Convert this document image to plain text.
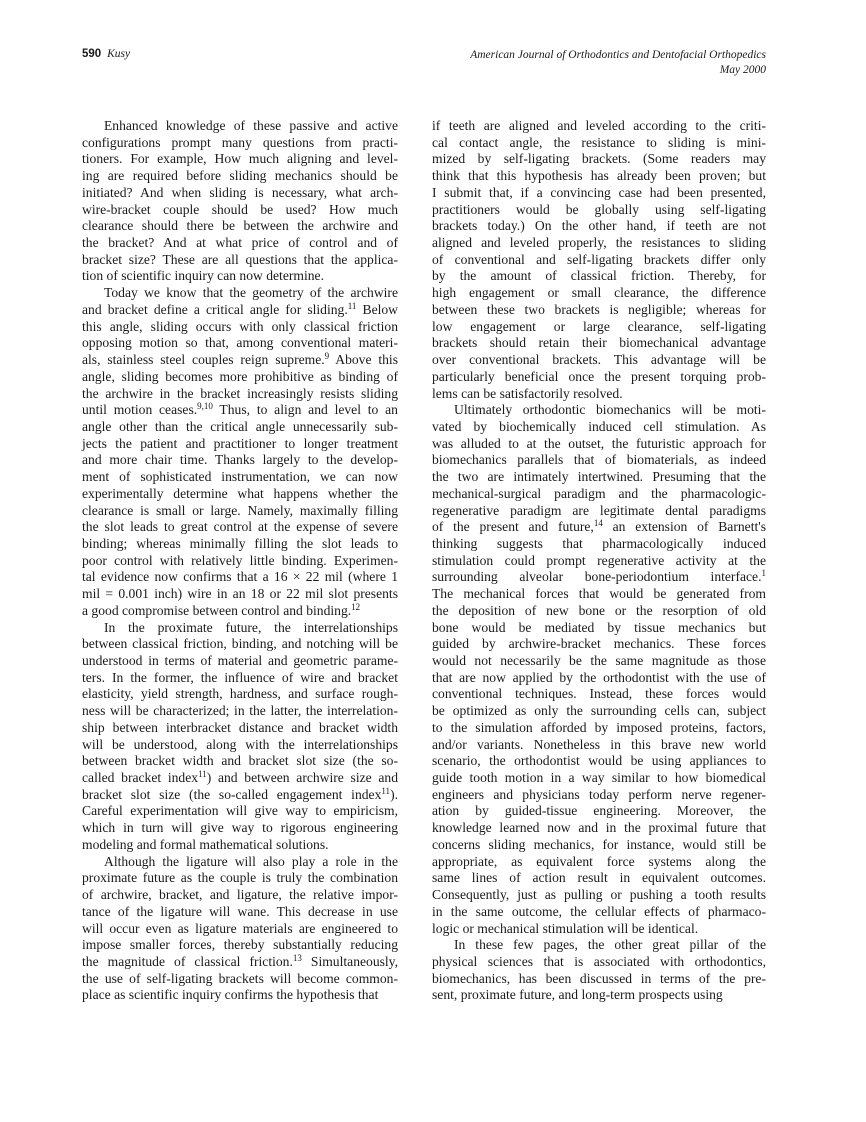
590 Kusy	American Journal of Orthodontics and Dentofacial Orthopedics
May 2000
Enhanced knowledge of these passive and active
configurations prompt many questions from practi-
tioners. For example, How much aligning and level-
ing are required before sliding mechanics should be
initiated? And when sliding is necessary, what arch-
wire-bracket couple should be used? How much
clearance should there be between the archwire and
the bracket? And at what price of control and of
bracket size? These are all questions that the applica-
tion of scientific inquiry can now determine.
Today we know that the geometry of the archwire
and bracket define a critical angle for sliding.$^{11}$ Below
this angle, sliding occurs with only classical friction
opposing motion so that, among conventional materi-
als, stainless steel couples reign supreme.$^9$ Above this
angle, sliding becomes more prohibitive as binding of
the archwire in the bracket increasingly resists sliding
until motion ceases.$^{9,10}$ Thus, to align and level to an
angle other than the critical angle unnecessarily sub-
jects the patient and practitioner to longer treatment
and more chair time. Thanks largely to the develop-
ment of sophisticated instrumentation, we can now
experimentally determine what happens whether the
clearance is small or large. Namely, maximally filling
the slot leads to great control at the expense of severe
binding; whereas minimally filling the slot leads to
poor control with relatively little binding. Experimen-
tal evidence now confirms that a 16 × 22 mil (where 1
mil = 0.001 inch) wire in an 18 or 22 mil slot presents
a good compromise between control and binding.$^{12}$
In the proximate future, the interrelationships
between classical friction, binding, and notching will be
understood in terms of material and geometric parame-
ters. In the former, the influence of wire and bracket
elasticity, yield strength, hardness, and surface rough-
ness will be characterized; in the latter, the interrelation-
ship between interbracket distance and bracket width
will be understood, along with the interrelationships
between bracket width and bracket slot size (the so-
called bracket index$^{11}$) and between archwire size and
bracket slot size (the so-called engagement index$^{11}$).
Careful experimentation will give way to empiricism,
which in turn will give way to rigorous engineering
modeling and formal mathematical solutions.
Although the ligature will also play a role in the
proximate future as the couple is truly the combination
of archwire, bracket, and ligature, the relative impor-
tance of the ligature will wane. This decrease in use
will occur even as ligature materials are engineered to
impose smaller forces, thereby substantially reducing
the magnitude of classical friction.$^{13}$ Simultaneously,
the use of self-ligating brackets will become common-
place as scientific inquiry confirms the hypothesis that
if teeth are aligned and leveled according to the criti-
cal contact angle, the resistance to sliding is mini-
mized by self-ligating brackets. (Some readers may
think that this hypothesis has already been proven; but
I submit that, if a convincing case had been presented,
practitioners would be globally using self-ligating
brackets today.) On the other hand, if teeth are not
aligned and leveled properly, the resistances to sliding
of conventional and self-ligating brackets differ only
by the amount of classical friction. Thereby, for
high engagement or small clearance, the difference
between these two brackets is negligible; whereas for
low engagement or large clearance, self-ligating
brackets should retain their biomechanical advantage
over conventional brackets. This advantage will be
particularly beneficial once the present torquing prob-
lems can be satisfactorily resolved.
Ultimately orthodontic biomechanics will be moti-
vated by biochemically induced cell stimulation. As
was alluded to at the outset, the futuristic approach for
biomechanics parallels that of biomaterials, as indeed
the two are intimately intertwined. Presuming that the
mechanical-surgical paradigm and the pharmacologic-
regenerative paradigm are legitimate dental paradigms
of the present and future,$^{14}$ an extension of Barnett's
thinking suggests that pharmacologically induced
stimulation could prompt regenerative activity at the
surrounding alveolar bone-periodontium interface.$^1$
The mechanical forces that would be generated from
the deposition of new bone or the resorption of old
bone would be mediated by tissue mechanics but
guided by archwire-bracket mechanics. These forces
would not necessarily be the same magnitude as those
that are now applied by the orthodontist with the use of
conventional techniques. Instead, these forces would
be optimized as only the surrounding cells can, subject
to the simulation afforded by imposed proteins, factors,
and/or variants. Nonetheless in this brave new world
scenario, the orthodontist would be using appliances to
guide tooth motion in a way similar to how biomedical
engineers and physicians today perform nerve regener-
ation by guided-tissue engineering. Moreover, the
knowledge learned now and in the proximal future that
concerns sliding mechanics, for instance, would still be
appropriate, as equivalent force systems along the
same lines of action result in equivalent outcomes.
Consequently, just as pulling or pushing a tooth results
in the same outcome, the cellular effects of pharmaco-
logic or mechanical stimulation will be identical.
In these few pages, the other great pillar of the
physical sciences that is associated with orthodontics,
biomechanics, has been discussed in terms of the pre-
sent, proximate future, and long-term prospects using
